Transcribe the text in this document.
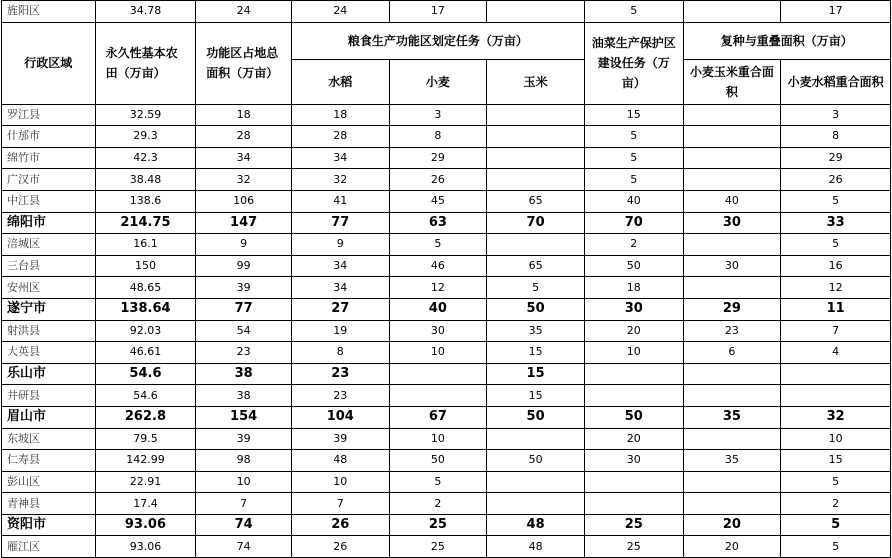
旌阳区	34.78	24	24	17		5		17
行政区域	永久性基本农田（万亩）	功能区占地总面积（万亩）	粮食生产功能区划定任务（万亩）			油菜生产保护区建设任务（万亩）	复种与重叠面积（万亩）	
			水稻	小麦	玉米		小麦玉米重合面积	小麦水稻重合面积
罗江县	32.59	18	18	3		15		3
什邡市	29.3	28	28	8		5		8
绵竹市	42.3	34	34	29		5		29
广汉市	38.48	32	32	26		5		26
中江县	138.6	106	41	45	65	40	40	5
绵阳市	214.75	147	77	63	70	70	30	33
涪城区	16.1	9	9	5		2		5
三台县	150	99	34	46	65	50	30	16
安州区	48.65	39	34	12	5	18		12
遂宁市	138.64	77	27	40	50	30	29	11
射洪县	92.03	54	19	30	35	20	23	7
大英县	46.61	23	8	10	15	10	6	4
乐山市	54.6	38	23		15			
井研县	54.6	38	23		15			
眉山市	262.8	154	104	67	50	50	35	32
东坡区	79.5	39	39	10		20		10
仁寿县	142.99	98	48	50	50	30	35	15
彭山区	22.91	10	10	5				5
青神县	17.4	7	7	2				2
资阳市	93.06	74	26	25	48	25	20	5
雁江区	93.06	74	26	25	48	25	20	5
